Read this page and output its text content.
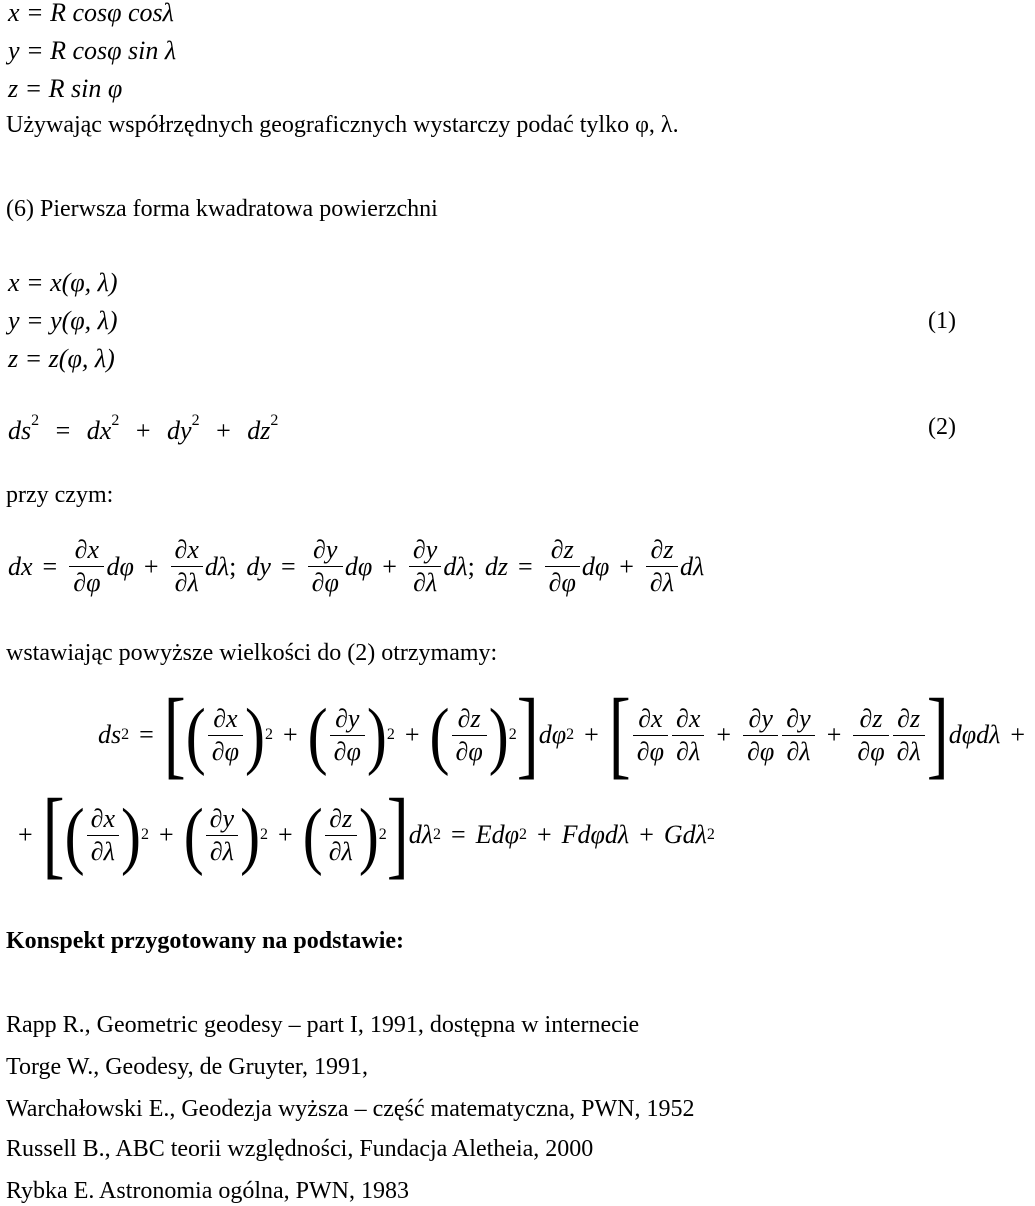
x = R cosφ cosλ
y = R cosφ sin λ
z = R sin φ
Używając współrzędnych geograficznych wystarczy podać tylko φ, λ.
(6) Pierwsza forma kwadratowa powierzchni
x = x(φ, λ)
y = y(φ, λ)
z = z(φ, λ)
(1)
$ds^2 = dx^2 + dy^2 + dz^2$	(2)
przy czym:
dx = $\frac{\partial x}{\partial\varphi}$ $d\varphi + \frac{\partial x}{\partial\lambda}$ dλ ; dy = $\frac{\partial y}{\partial\varphi}$ $d\varphi + \frac{\partial y}{\partial\lambda}$ dλ ; dz = $\frac{\partial z}{\partial\varphi}$ $d\varphi + \frac{\partial z}{\partial\lambda}$ dλ
wstawiając powyższe wielkości do (2) otrzymamy:
ds 2 = [ ( $\frac{\partial x}{\partial\varphi}$ ) 2 + ( $\frac{\partial y}{\partial\varphi}$ ) 2 + ( $\frac{\partial z}{\partial\varphi}$ ) 2 ] dφ 2 + [ $\frac{\partial x}{\partial\varphi} \frac{\partial x}{\partial\lambda} + \frac{\partial y}{\partial\varphi} \frac{\partial y}{\partial\lambda} + \frac{\partial z}{\partial\varphi} \frac{\partial z}{\partial\lambda}$ ] dφdλ +
+ [ ( $\frac{\partial x}{\partial\lambda}$ ) 2 + ( $\frac{\partial y}{\partial\lambda}$ ) 2 + ( $\frac{\partial z}{\partial\lambda}$ ) 2 ] dλ 2 = Edφ 2 + Fdφdλ + Gdλ 2
Konspekt przygotowany na podstawie:
Rapp R., Geometric geodesy – part I, 1991, dostępna w internecie
Torge W., Geodesy, de Gruyter, 1991,
Warchałowski E., Geodezja wyższa – część matematyczna, PWN, 1952
Russell B., ABC teorii względności, Fundacja Aletheia, 2000
Rybka E. Astronomia ogólna, PWN, 1983
